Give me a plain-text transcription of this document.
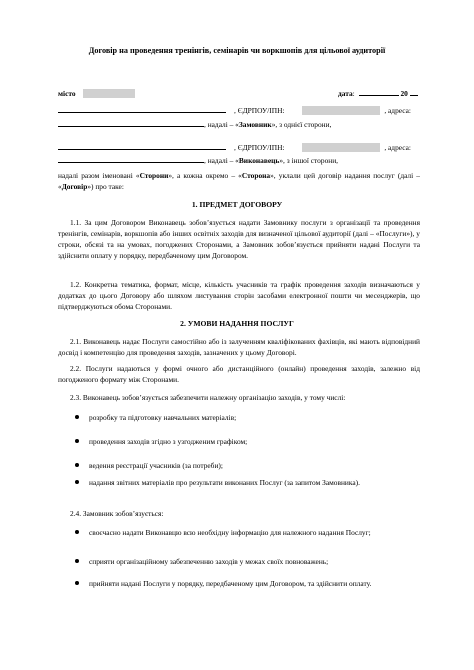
Договір на проведення тренінгів, семінарів чи воркшопів для цільової аудиторії
місто	дата:	20
, ЄДРПОУ/ІПН:	, адреса:
, надалі – «Замовник», з однієї сторони,
, ЄДРПОУ/ІПН:	, адреса:
, надалі – «Виконавець», з іншої сторони,
надалі разом іменовані «Сторони», а кожна окремо – «Сторона», уклали цей договір надання послуг (далі – «Договір») про таке:
1. ПРЕДМЕТ ДОГОВОРУ
1.1. За цим Договором Виконавець зобов’язується надати Замовнику послуги з організації та проведення тренінгів, семінарів, воркшопів або інших освітніх заходів для визначеної цільової аудиторії (далі – «Послуги»), у строки, обсязі та на умовах, погоджених Сторонами, а Замовник зобов’язується прийняти надані Послуги та здійснити оплату у порядку, передбаченому цим Договором.
1.2. Конкретна тематика, формат, місце, кількість учасників та графік проведення заходів визначаються у додатках до цього Договору або шляхом листування сторін засобами електронної пошти чи месенджерів, що підтверджуються обома Сторонами.
2. УМОВИ НАДАННЯ ПОСЛУГ
2.1. Виконавець надає Послуги самостійно або із залученням кваліфікованих фахівців, які мають відповідний досвід і компетенцію для проведення заходів, зазначених у цьому Договорі.
2.2. Послуги надаються у формі очного або дистанційного (онлайн) проведення заходів, залежно від погодженого формату між Сторонами.
2.3. Виконавець зобов’язується забезпечити належну організацію заходів, у тому числі:
розробку та підготовку навчальних матеріалів;
проведення заходів згідно з узгодженим графіком;
ведення реєстрації учасників (за потреби);
надання звітних матеріалів про результати виконаних Послуг (за запитом Замовника).
2.4. Замовник зобов’язується:
своєчасно надати Виконавцю всю необхідну інформацію для належного надання Послуг;
сприяти організаційному забезпеченню заходів у межах своїх повноважень;
прийняти надані Послуги у порядку, передбаченому цим Договором, та здійснити оплату.
